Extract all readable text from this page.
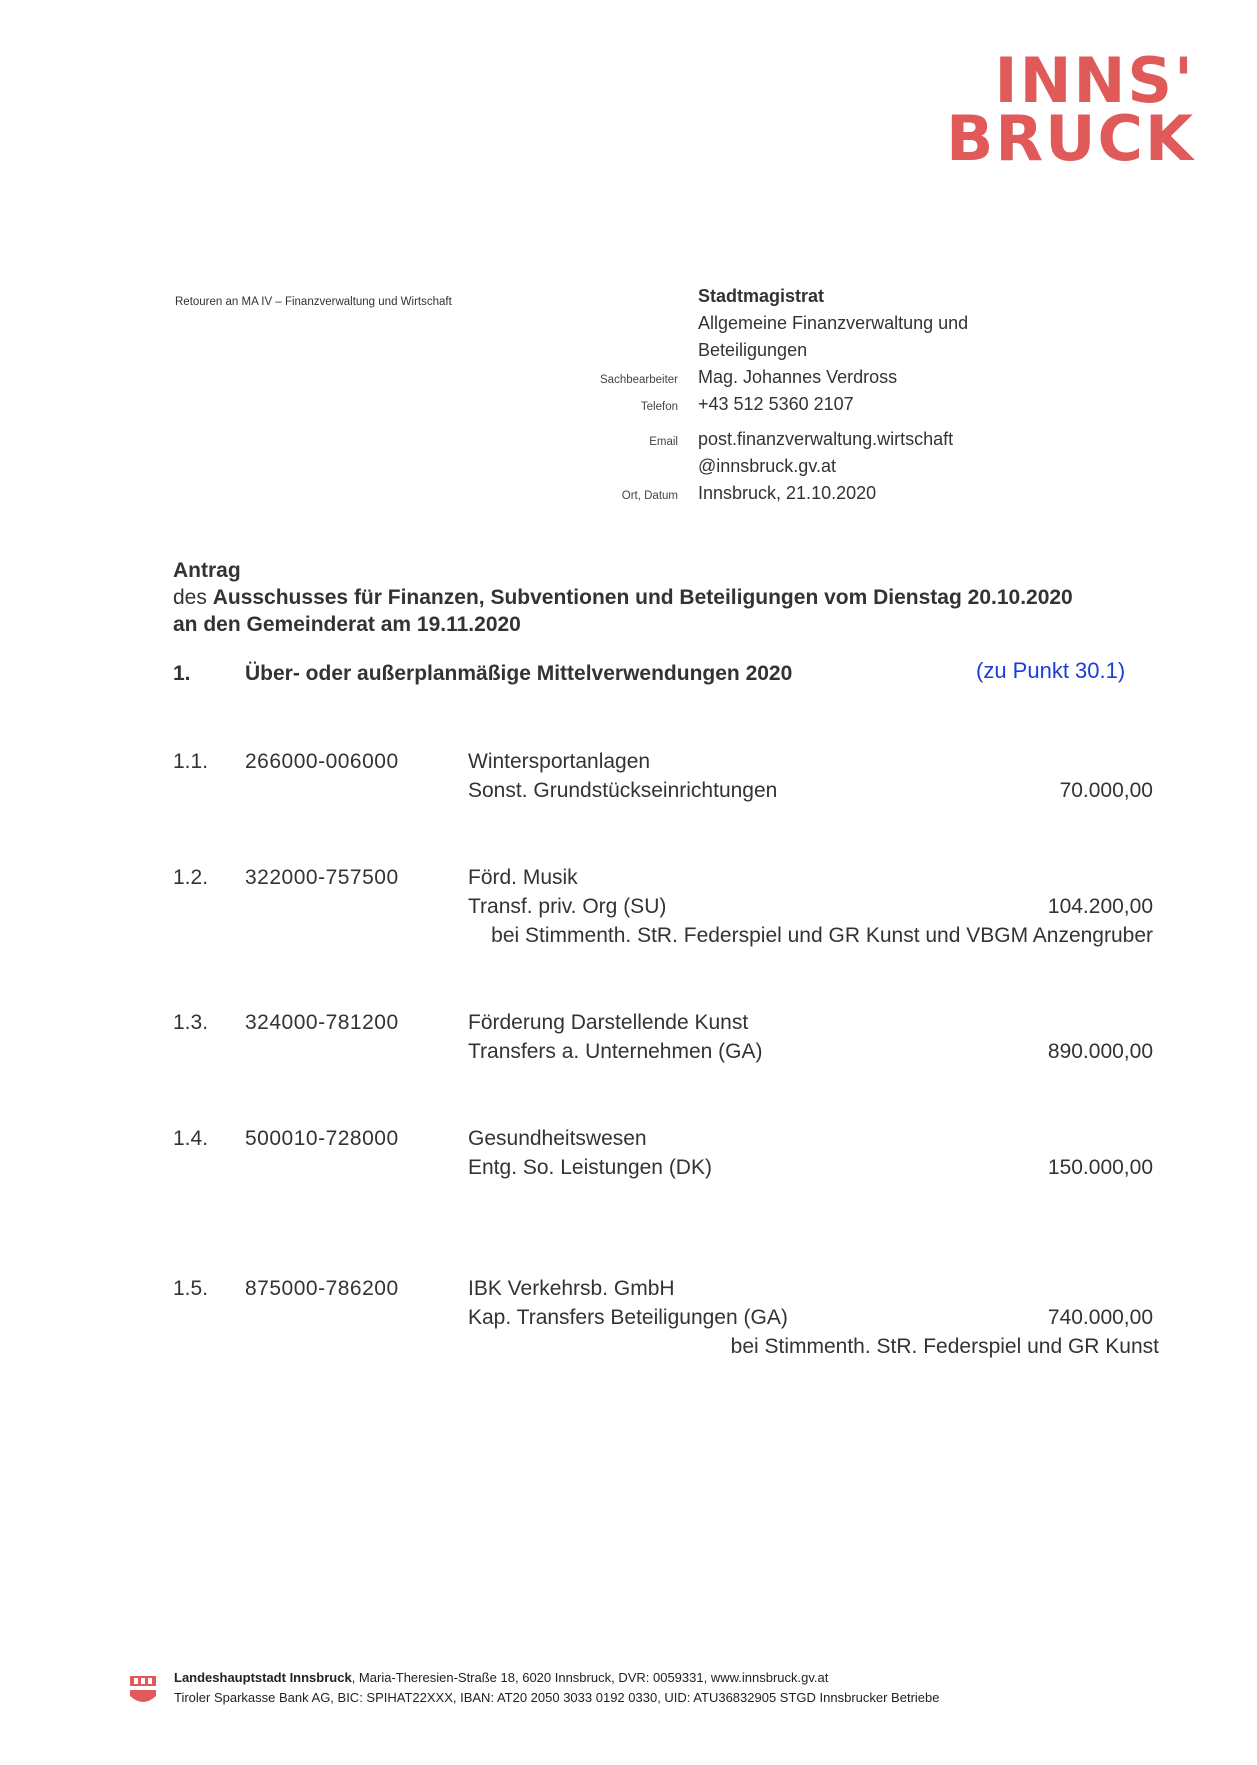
INNS'
BRUCK
Retouren an MA IV – Finanzverwaltung und Wirtschaft	Stadtmagistrat
Allgemeine Finanzverwaltung und
Beteiligungen
Sachbearbeiter	Mag. Johannes Verdross
Telefon	+43 512 5360 2107
Email	post.finanzverwaltung.wirtschaft
@innsbruck.gv.at
Ort, Datum	Innsbruck, 21.10.2020
Antrag
des Ausschusses für Finanzen, Subventionen und Beteiligungen vom Dienstag 20.10.2020
an den Gemeinderat am 19.11.2020
1.	Über- oder außerplanmäßige Mittelverwendungen 2020	(zu Punkt 30.1)
1.1. 266000-006000	Wintersportanlagen
Sonst. Grundstückseinrichtungen	70.000,00
1.2. 322000-757500	Förd. Musik
Transf. priv. Org (SU)	104.200,00
bei Stimmenth. StR. Federspiel und GR Kunst und VBGM Anzengruber
1.3. 324000-781200	Förderung Darstellende Kunst
Transfers a. Unternehmen (GA)	890.000,00
1.4. 500010-728000	Gesundheitswesen
Entg. So. Leistungen (DK)	150.000,00
1.5. 875000-786200	IBK Verkehrsb. GmbH
Kap. Transfers Beteiligungen (GA)	740.000,00
bei Stimmenth. StR. Federspiel und GR Kunst
Landeshauptstadt Innsbruck, Maria-Theresien-Straße 18, 6020 Innsbruck, DVR: 0059331, www.innsbruck.gv.at
Tiroler Sparkasse Bank AG, BIC: SPIHAT22XXX, IBAN: AT20 2050 3033 0192 0330, UID: ATU36832905 STGD Innsbrucker Betriebe
